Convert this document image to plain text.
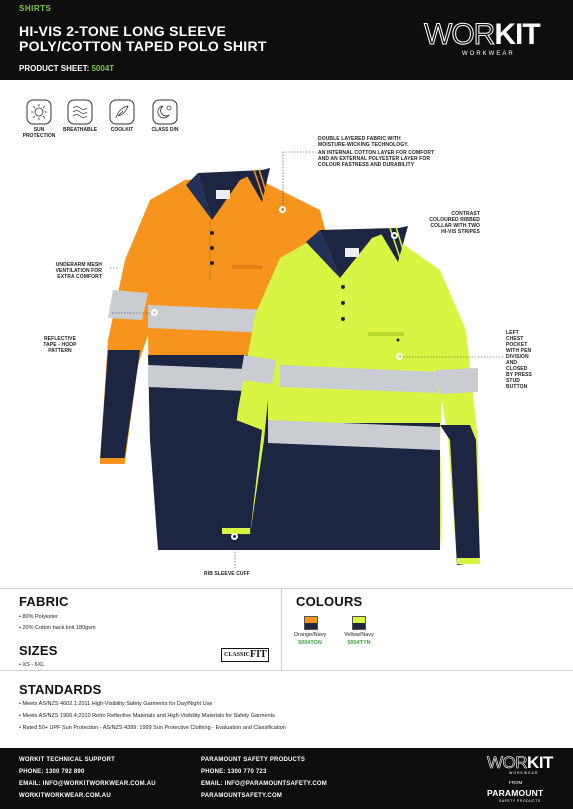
SHIRTS
HI-VIS 2-TONE LONG SLEEVE
POLY/COTTON TAPED POLO SHIRT
PRODUCT SHEET: 5004T
WORKIT
WORKWEAR
SUN
PROTECTION
BREATHABLE	COOLKIT	CLASS D/N
DOUBLE LAYERED FABRIC WITH
MOISTURE-WICKING TECHNOLOGY.
AN INTERNAL COTTON LAYER FOR COMFORT
AND AN EXTERNAL POLYESTER LAYER FOR
COLOUR FASTNESS AND DURABILITY
CONTRAST
COLOURED RIBBED
COLLAR WITH TWO
HI-VIS STRIPES
UNDERARM MESH
VENTILATION FOR
EXTRA COMFORT
REFLECTIVE
TAPE - HOOP
PATTERN
LEFT
CHEST
POCKET
WITH PEN
DIVISION
AND
CLOSED
BY PRESS
STUD
BUTTON
RIB SLEEVE CUFF
FABRIC
• 80% Polyester
• 20% Cotton back knit 180gsm
SIZES
• XS - 6XL
CLASSIC FIT
COLOURS
Orange/Navy
5004TON
Yellow/Navy
5004TYN
STANDARDS
• Meets AS/NZS 4602.1:2011 High-Visibility Safety Garments for Day/Night Use
• Meets AS/NZS 1906.4:2010 Retro Reflective Materials and High-Visibility Materials for Safety Garments
• Rated 50+ UPF Sun Protection - AS/NZS 4399: 1999 Sun Protective Clothing - Evaluation and Classification
WORKIT TECHNICAL SUPPORT
PHONE: 1300 792 890
EMAIL: INFO@WORKITWORKWEAR.COM.AU
WORKITWORKWEAR.COM.AU
PARAMOUNT SAFETY PRODUCTS
PHONE: 1300 770 723
EMAIL: INFO@PARAMOUNTSAFETY.COM
PARAMOUNTSAFETY.COM
WORKIT
WORKWEAR
FROM
PARAMOUNT
SAFETY PRODUCTS
